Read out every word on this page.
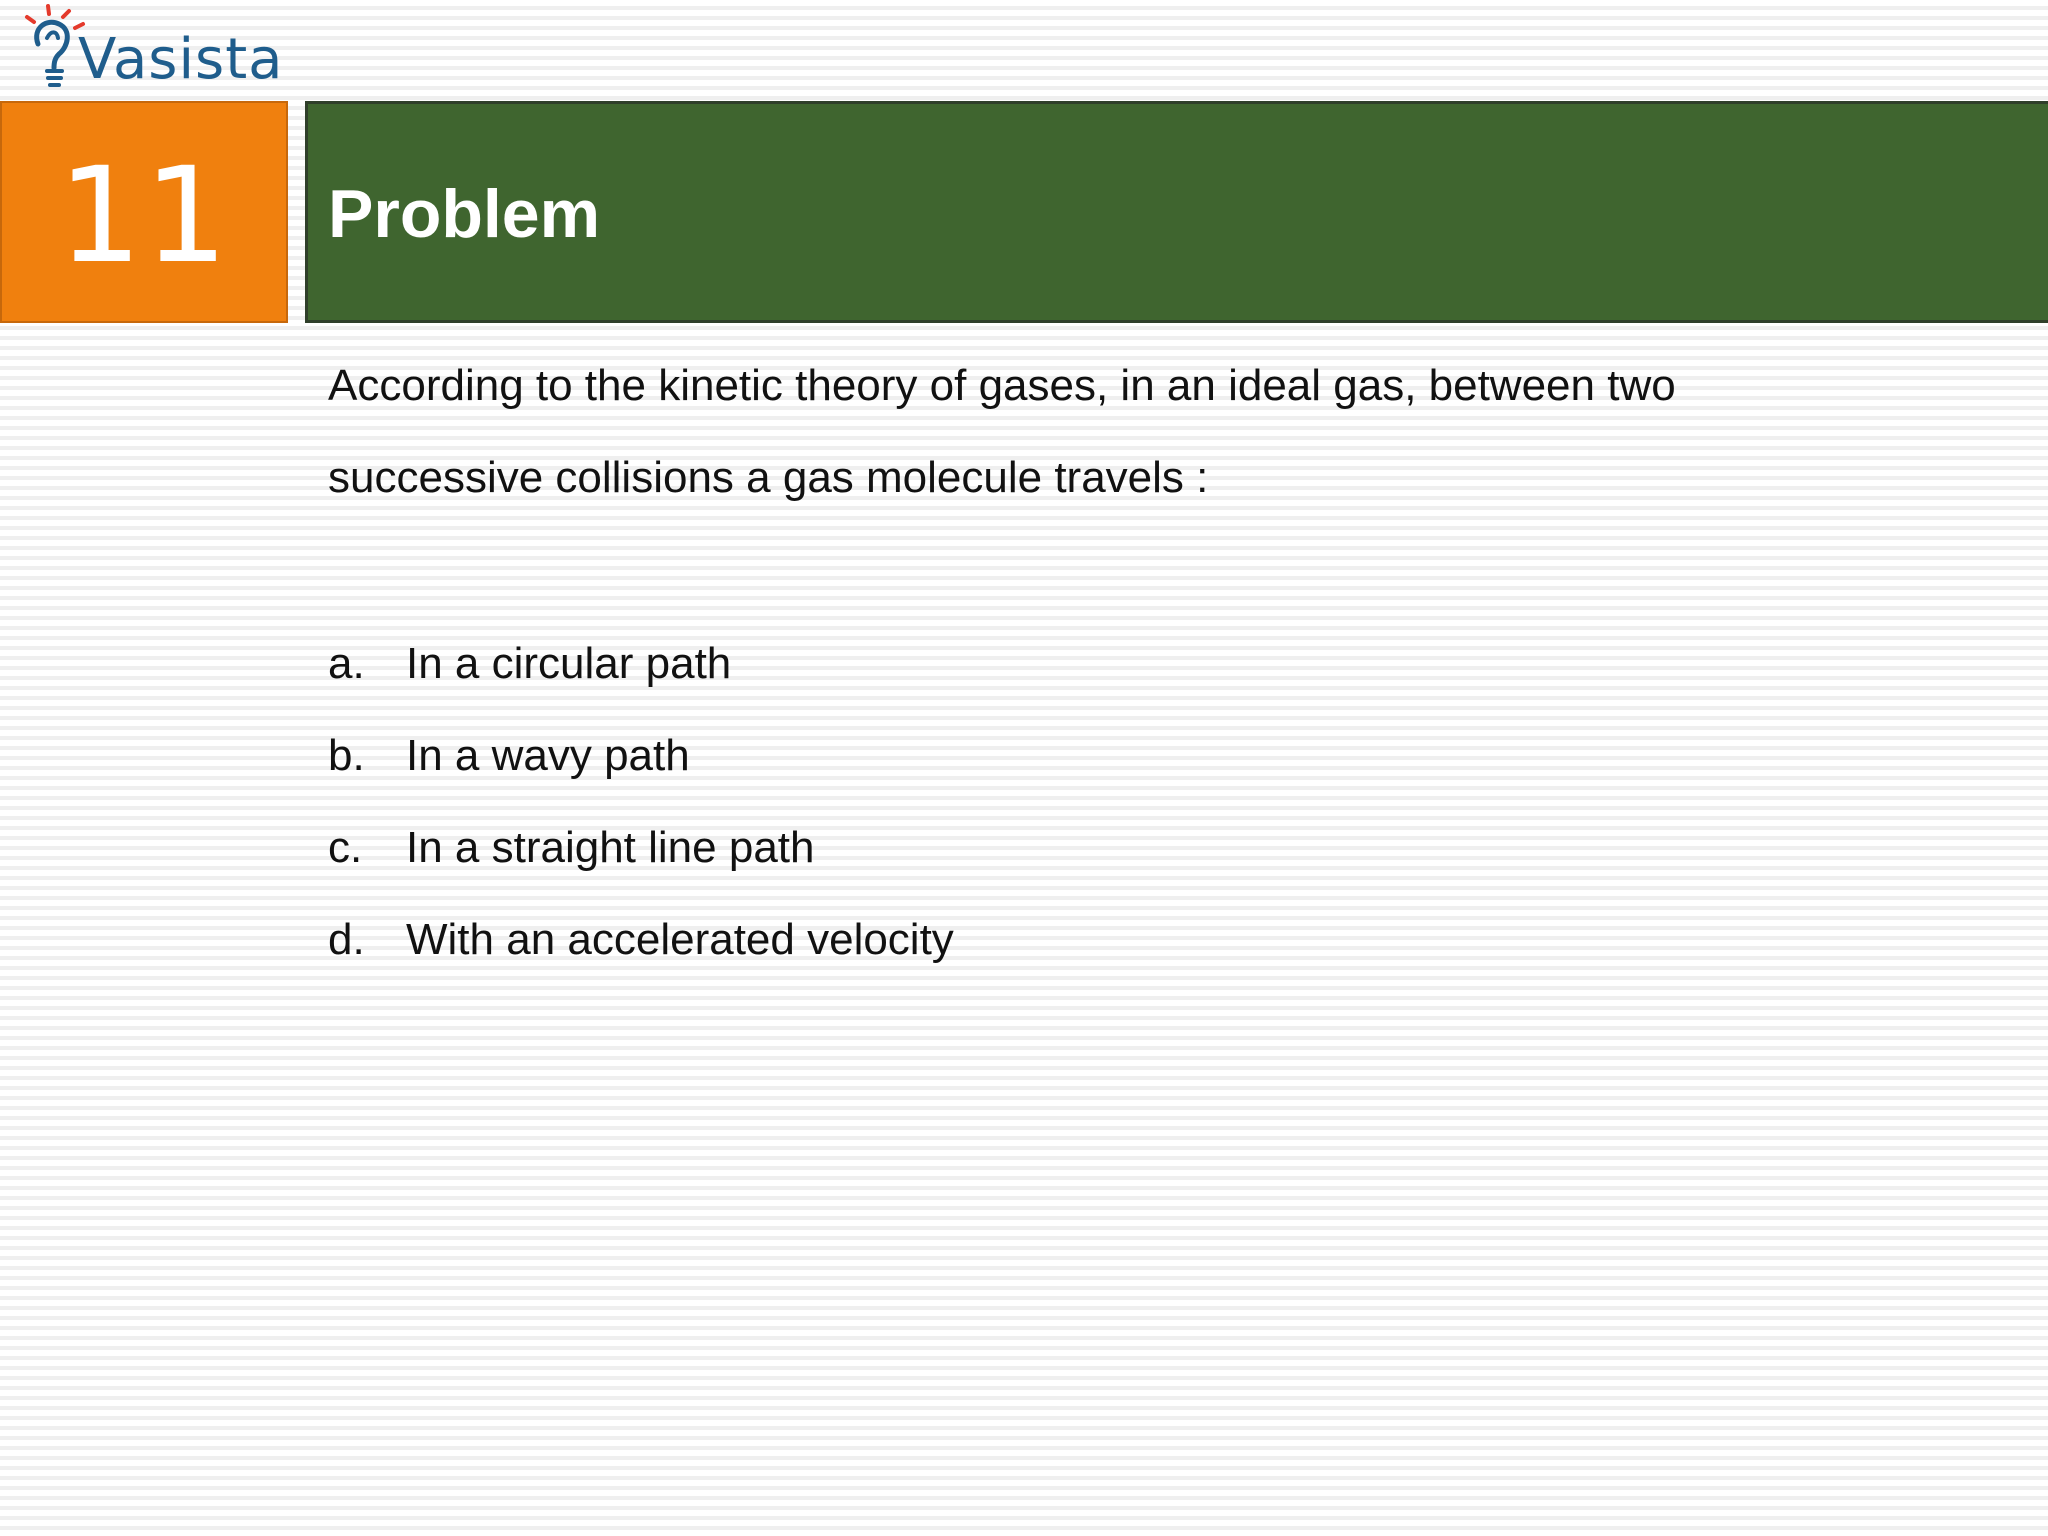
Vasista
11 Problem

According to the kinetic theory of gases, in an ideal gas, between two successive collisions a gas molecule travels :

a. In a circular path
b. In a wavy path
c. In a straight line path
d. With an accelerated velocity
